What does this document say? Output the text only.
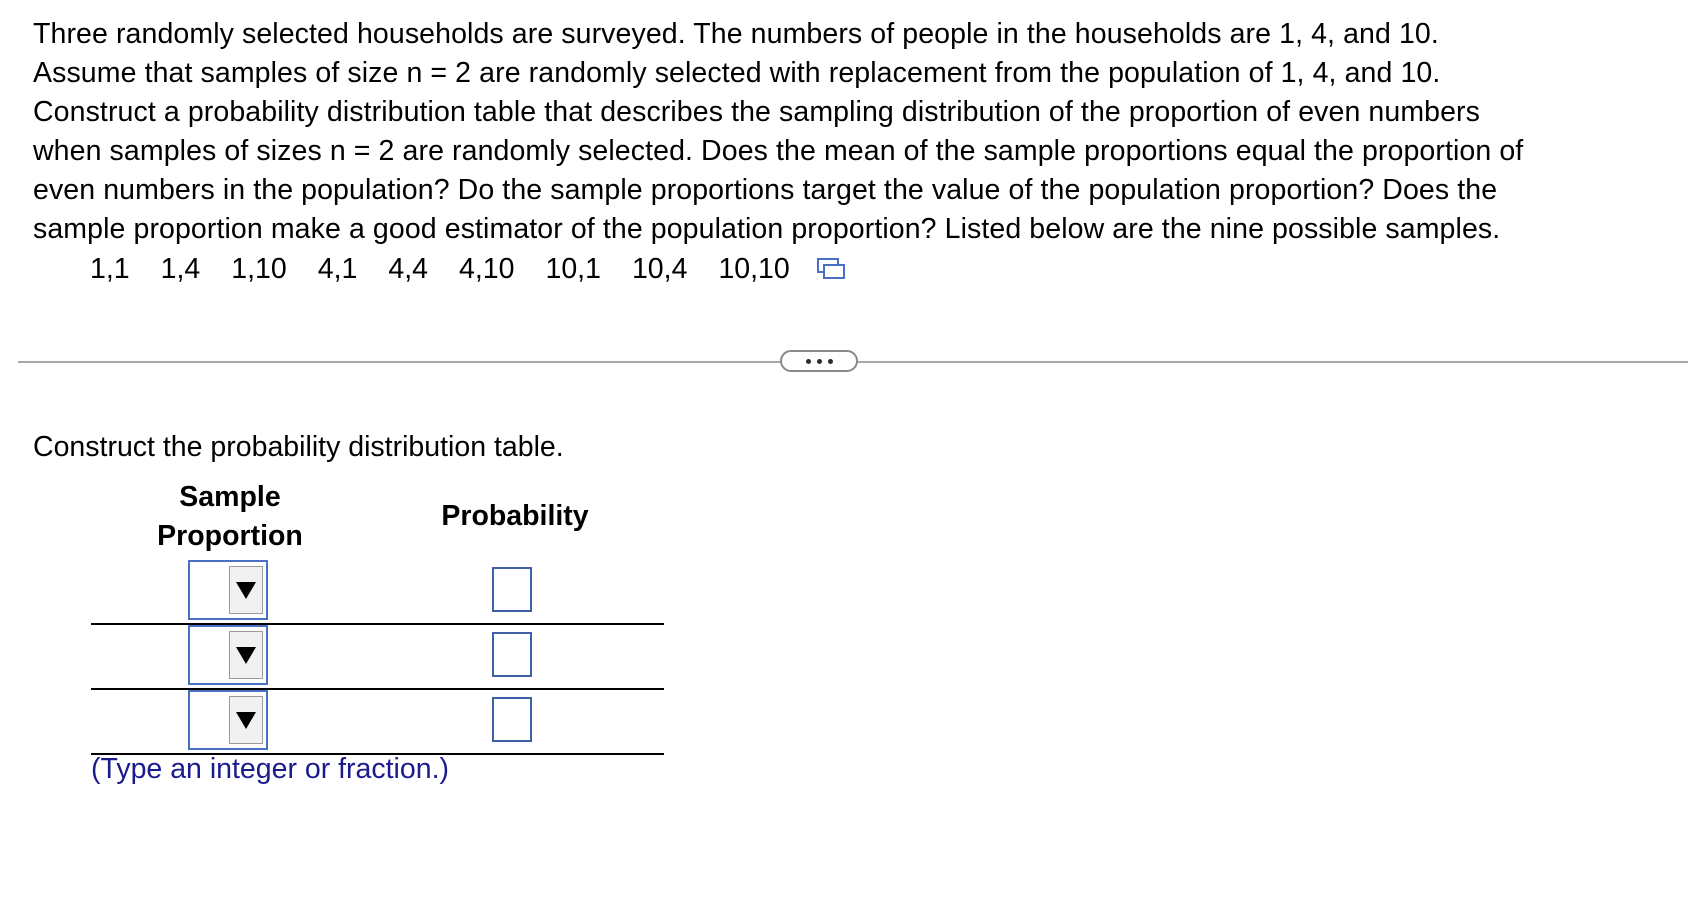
Three randomly selected households are surveyed. The numbers of people in the households are 1, 4, and 10.
Assume that samples of size n = 2 are randomly selected with replacement from the population of 1, 4, and 10.
Construct a probability distribution table that describes the sampling distribution of the proportion of even numbers
when samples of sizes n = 2 are randomly selected. Does the mean of the sample proportions equal the proportion of
even numbers in the population? Do the sample proportions target the value of the population proportion? Does the
sample proportion make a good estimator of the population proportion? Listed below are the nine possible samples.
1,1 1,4 1,10 4,1 4,4 4,10 10,1 10,4 10,10
Construct the probability distribution table.
Sample
Proportion
Probability
(Type an integer or fraction.)
